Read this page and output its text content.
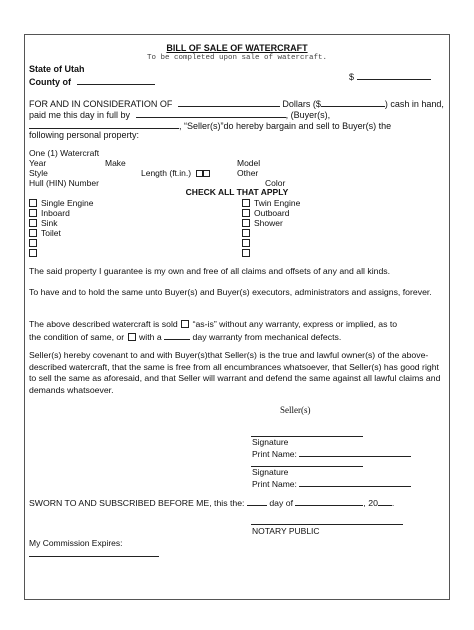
BILL OF SALE OF WATERCRAFT
To be completed upon sale of watercraft.
State of Utah
County of	$
FOR AND IN CONSIDERATION OF	Dollars ($	) cash in hand,
paid me this day in full by	, (Buyer(s),
, “Seller(s)”do hereby bargain and sell to Buyer(s) the
following personal property:
One (1) Watercraft
Year	Make	Model
Style	Length (ft.in.)	Other
Hull (HIN) Number	Color
CHECK ALL THAT APPLY
Single Engine
Inboard
Sink
Toilet
Twin Engine
Outboard
Shower
The said property I guarantee is my own and free of all claims and offsets of any and all kinds.
To have and to hold the same unto Buyer(s) and Buyer(s) executors, administrators and assigns, forever.
The above described watercraft is sold “as-is” without any warranty, express or implied, as to
the condition of same, or with a	day warranty from mechanical defects.
Seller(s) hereby covenant to and with Buyer(s)that Seller(s) is the true and lawful owner(s) of the above-described watercraft, that the same is free from all encumbrances whatsoever, that Seller(s) has good right to sell the same as aforesaid, and that Seller will warrant and defend the same against all lawful claims and demands whatsoever.
Seller(s)
Signature
Print Name:
Signature
Print Name:
SWORN TO AND SUBSCRIBED BEFORE ME, this the:	day of	, 20 .
NOTARY PUBLIC
My Commission Expires:
